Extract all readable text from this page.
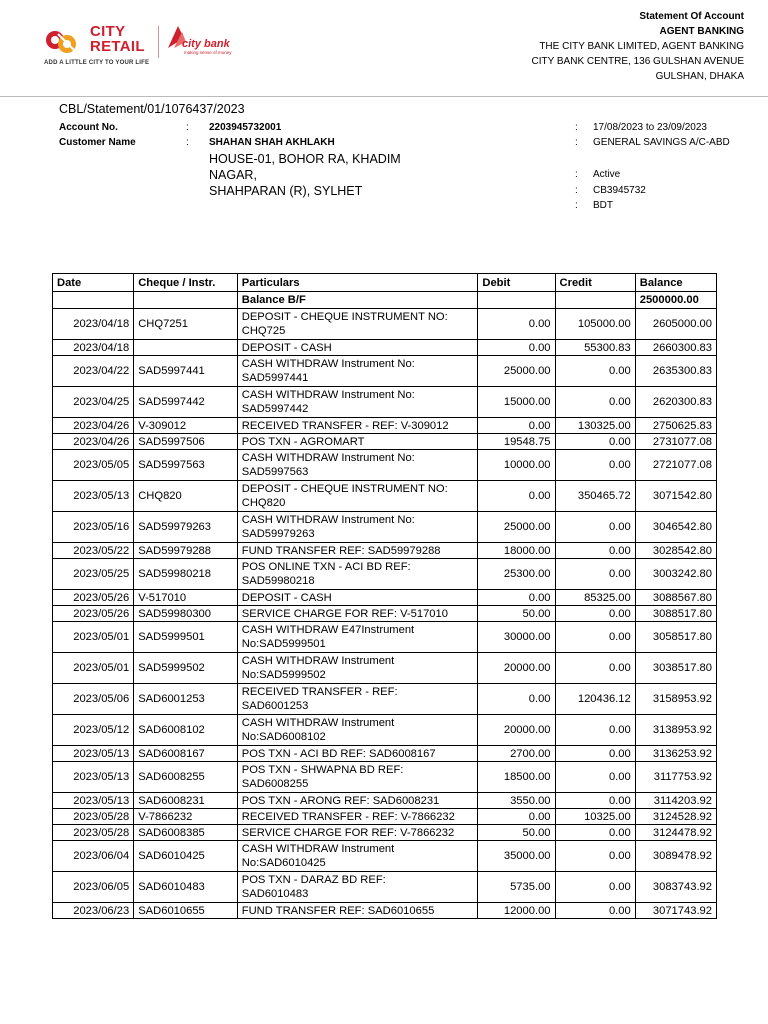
CITY
RETAIL
ADD A LITTLE CITY TO YOUR LIFE
city bank
making sense of money
Statement Of Account
AGENT BANKING
THE CITY BANK LIMITED, AGENT BANKING
CITY BANK CENTRE, 136 GULSHAN AVENUE
GULSHAN, DHAKA
CBL/Statement/01/1076437/2023
Account No.	: 2203945732001
Customer Name	: SHAHAN SHAH AKHLAKH
HOUSE-01, BOHOR RA, KHADIM
NAGAR,
SHAHPARAN (R), SYLHET
: 17/08/2023 to 23/09/2023
: GENERAL SAVINGS A/C-ABD
: Active
: CB3945732
: BDT
Date	Cheque / Instr.	Particulars	Debit	Credit	Balance
		Balance B/F			2500000.00
2023/04/18	CHQ7251	DEPOSIT - CHEQUE INSTRUMENT NO:
CHQ725	0.00	105000.00	2605000.00
2023/04/18		DEPOSIT - CASH	0.00	55300.83	2660300.83
2023/04/22	SAD5997441	CASH WITHDRAW Instrument No:
SAD5997441	25000.00	0.00	2635300.83
2023/04/25	SAD5997442	CASH WITHDRAW Instrument No:
SAD5997442	15000.00	0.00	2620300.83
2023/04/26	V-309012	RECEIVED TRANSFER - REF: V-309012	0.00	130325.00	2750625.83
2023/04/26	SAD5997506	POS TXN - AGROMART	19548.75	0.00	2731077.08
2023/05/05	SAD5997563	CASH WITHDRAW Instrument No:
SAD5997563	10000.00	0.00	2721077.08
2023/05/13	CHQ820	DEPOSIT - CHEQUE INSTRUMENT NO:
CHQ820	0.00	350465.72	3071542.80
2023/05/16	SAD59979263	CASH WITHDRAW Instrument No:
SAD59979263	25000.00	0.00	3046542.80
2023/05/22	SAD59979288	FUND TRANSFER REF: SAD59979288	18000.00	0.00	3028542.80
2023/05/25	SAD59980218	POS ONLINE TXN - ACI BD REF:
SAD59980218	25300.00	0.00	3003242.80
2023/05/26	V-517010	DEPOSIT - CASH	0.00	85325.00	3088567.80
2023/05/26	SAD59980300	SERVICE CHARGE FOR REF: V-517010	50.00	0.00	3088517.80
2023/05/01	SAD5999501	CASH WITHDRAW E47Instrument
No:SAD5999501	30000.00	0.00	3058517.80
2023/05/01	SAD5999502	CASH WITHDRAW Instrument
No:SAD5999502	20000.00	0.00	3038517.80
2023/05/06	SAD6001253	RECEIVED TRANSFER - REF:
SAD6001253	0.00	120436.12	3158953.92
2023/05/12	SAD6008102	CASH WITHDRAW Instrument
No:SAD6008102	20000.00	0.00	3138953.92
2023/05/13	SAD6008167	POS TXN - ACI BD REF: SAD6008167	2700.00	0.00	3136253.92
2023/05/13	SAD6008255	POS TXN - SHWAPNA BD REF:
SAD6008255	18500.00	0.00	3117753.92
2023/05/13	SAD6008231	POS TXN - ARONG REF: SAD6008231	3550.00	0.00	3114203.92
2023/05/28	V-7866232	RECEIVED TRANSFER - REF: V-7866232	0.00	10325.00	3124528.92
2023/05/28	SAD6008385	SERVICE CHARGE FOR REF: V-7866232	50.00	0.00	3124478.92
2023/06/04	SAD6010425	CASH WITHDRAW Instrument
No:SAD6010425	35000.00	0.00	3089478.92
2023/06/05	SAD6010483	POS TXN - DARAZ BD REF:
SAD6010483	5735.00	0.00	3083743.92
2023/06/23	SAD6010655	FUND TRANSFER REF: SAD6010655	12000.00	0.00	3071743.92
